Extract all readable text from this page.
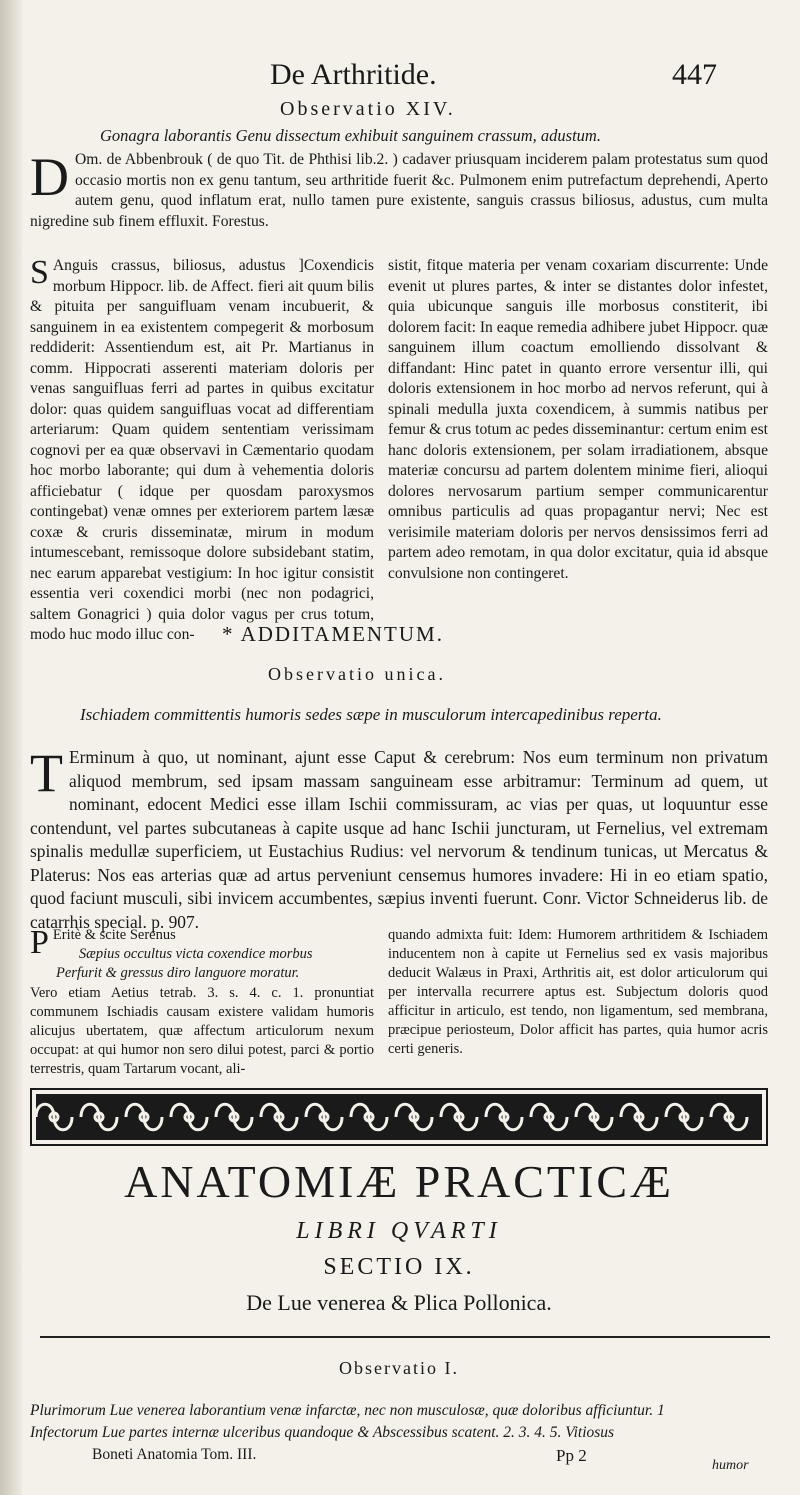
De Arthritide.	447
Observatio XIV.
Gonagra laborantis Genu dissectum exhibuit sanguinem crassum, adustum.
D Om. de Abbenbrouk ( de quo Tit. de Phthisi lib.2. ) cadaver priusquam inciderem palam protestatus sum quod occasio mortis non ex genu tantum, seu arthritide fuerit &c. Pulmonem enim putrefactum deprehendi, Aperto autem genu, quod inflatum erat, nullo tamen pure existente, sanguis crassus biliosus, adustus, cum multa nigredine sub finem effluxit. Forestus.
S Anguis crassus, biliosus, adustus ]Coxendicis morbum Hippocr. lib. de Affect. fieri ait quum bilis & pituita per sanguifluam venam incubuerit, & sanguinem in ea existentem compegerit & morbosum reddiderit: Assentiendum est, ait Pr. Martianus in comm. Hippocrati asserenti materiam doloris per venas sanguifluas ferri ad partes in quibus excitatur dolor: quas quidem sanguifluas vocat ad differentiam arteriarum: Quam quidem sententiam verissimam cognovi per ea quæ observavi in Cæmentario quodam hoc morbo laborante; qui dum à vehementia doloris afficiebatur ( idque per quosdam paroxysmos contingebat) venæ omnes per exteriorem partem læsæ coxæ & cruris disseminatæ, mirum in modum intumescebant, remissoque dolore subsidebant statim, nec earum apparebat vestigium: In hoc igitur consistit essentia veri coxendici morbi (nec non podagrici, saltem Gonagrici ) quia dolor vagus per crus totum, modo huc modo illuc con-
sistit, fitque materia per venam coxariam discurrente: Unde evenit ut plures partes, & inter se distantes dolor infestet, quia ubicunque sanguis ille morbosus constiterit, ibi dolorem facit: In eaque remedia adhibere jubet Hippocr. quæ sanguinem illum coactum emolliendo dissolvant & diffandant: Hinc patet in quanto errore versentur illi, qui doloris extensionem in hoc morbo ad nervos referunt, qui à spinali medulla juxta coxendicem, à summis natibus per femur & crus totum ac pedes disseminantur: certum enim est hanc doloris extensionem, per solam irradiationem, absque materiæ concursu ad partem dolentem minime fieri, alioqui dolores nervosarum partium semper communicarentur omnibus particulis ad quas propagantur nervi; Nec est verisimile materiam doloris per nervos densissimos ferri ad partem adeo remotam, in qua dolor excitatur, quia id absque convulsione non contingeret.
* ADDITAMENTUM.
Observatio unica.
Ischiadem committentis humoris sedes sæpe in musculorum intercapedinibus reperta.
T Erminum à quo, ut nominant, ajunt esse Caput & cerebrum: Nos eum terminum non privatum aliquod membrum, sed ipsam massam sanguineam esse arbitramur: Terminum ad quem, ut nominant, edocent Medici esse illam Ischii commissuram, ac vias per quas, ut loquuntur esse contendunt, vel partes subcutaneas à capite usque ad hanc Ischii juncturam, ut Fernelius, vel extremam spinalis medullæ superficiem, ut Eustachius Rudius: vel nervorum & tendinum tunicas, ut Mercatus & Platerus: Nos eas arterias quæ ad artus perveniunt censemus humores invadere: Hi in eo etiam spatio, quod faciunt musculi, sibi invicem accumbentes, sæpius inventi fuerunt. Conr. Victor Schneiderus lib. de catarrhis special. p. 907.
P Eritè & scite Serenus
Sæpius occultus victa coxendice morbus
Perfurit & gressus diro languore moratur.
Vero etiam Aetius tetrab. 3. s. 4. c. 1. pronuntiat communem Ischiadis causam existere validam humoris alicujus ubertatem, quæ affectum articulorum nexum occupat: at qui humor non sero dilui potest, parci & portio terrestris, quam Tartarum vocant, ali-
quando admixta fuit: Idem: Humorem arthritidem & Ischiadem inducentem non à capite ut Fernelius sed ex vasis majoribus deducit Walæus in Praxi, Arthritis ait, est dolor articulorum qui per intervalla recurrere aptus est. Subjectum doloris quod afficitur in articulo, est tendo, non ligamentum, sed membrana, præcipue periosteum, Dolor afficit has partes, quia humor acris certi generis.
ANATOMIÆ PRACTICÆ
LIBRI QVARTI
SECTIO IX.
De Lue venerea & Plica Pollonica.
Observatio I.
Plurimorum Lue venerea laborantium venæ infarctæ, nec non musculosæ, quæ doloribus afficiuntur. 1
Infectorum Lue partes internæ ulceribus quandoque & Abscessibus scatent. 2. 3. 4. 5. Vitiosus
Boneti Anatomia Tom. III.	Pp 2
humor
